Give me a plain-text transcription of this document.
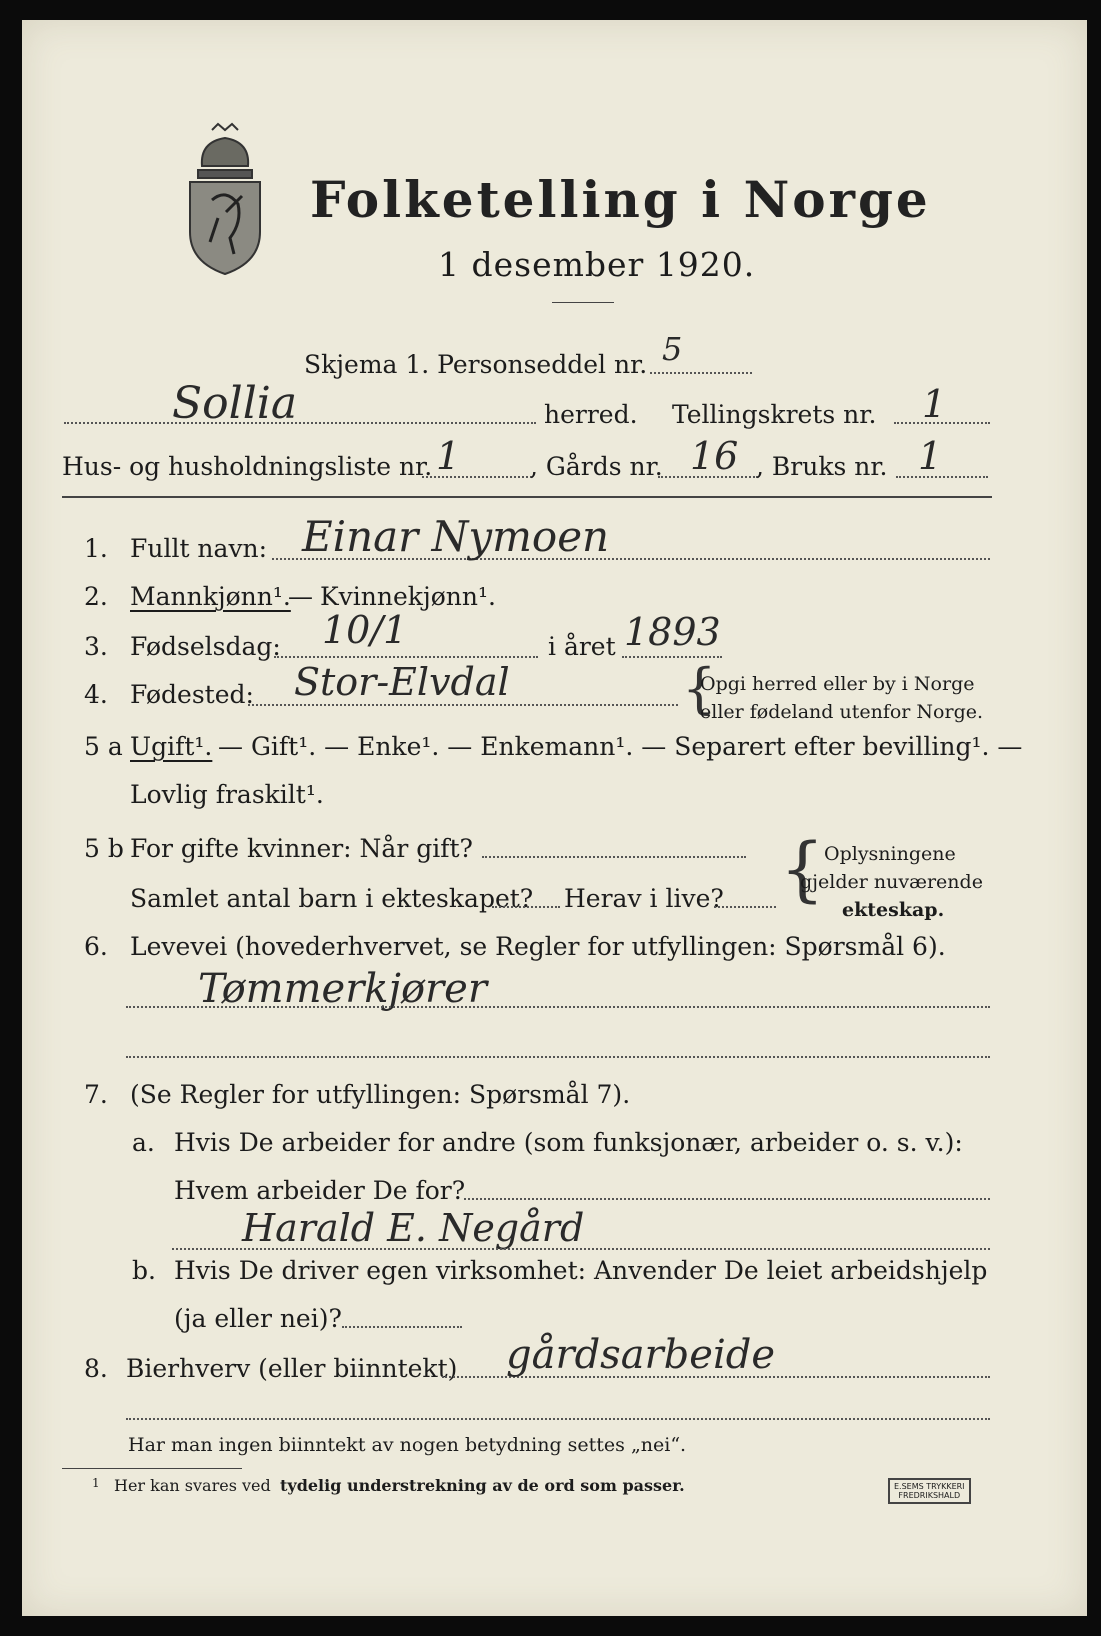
Folketelling i Norge
1 desember 1920.
Skjema 1. Personseddel nr. 5
Sollia	herred. Tellingskrets nr. 1
Hus- og husholdningsliste nr. 1	, Gårds nr. 16 , Bruks nr. 1
1. Fullt navn: Einar Nymoen
2. Mannkjønn¹.
— Kvinnekjønn¹.
3. Fødselsdag: 10/1	i året 1893
4. Fødested: Stor-Elvdal	{
Opgi herred eller by i Norge
eller fødeland utenfor Norge.
5 a Ugift¹. — Gift¹. — Enke¹. — Enkemann¹. — Separert efter bevilling¹. —
Lovlig fraskilt¹.
5 b For gifte kvinner: Når gift?
Samlet antal barn i ekteskapet? Herav i live? { Oplysningene
gjelder nuværende
ekteskap.
6. Levevei (hovederhvervet, se Regler for utfyllingen: Spørsmål 6).
Tømmerkjører
7. (Se Regler for utfyllingen: Spørsmål 7).
a. Hvis De arbeider for andre (som funksjonær, arbeider o. s. v.):
Hvem arbeider De for?
Harald E. Negård
b. Hvis De driver egen virksomhet: Anvender De leiet arbeidshjelp
(ja eller nei)?
8. Bierhverv (eller biinntekt) gårdsarbeide
Har man ingen biinntekt av nogen betydning settes „nei“.
1 Her kan svares ved tydelig understrekning av de ord som passer.	E.SEMS TRYKKERI
FREDRIKSHALD
